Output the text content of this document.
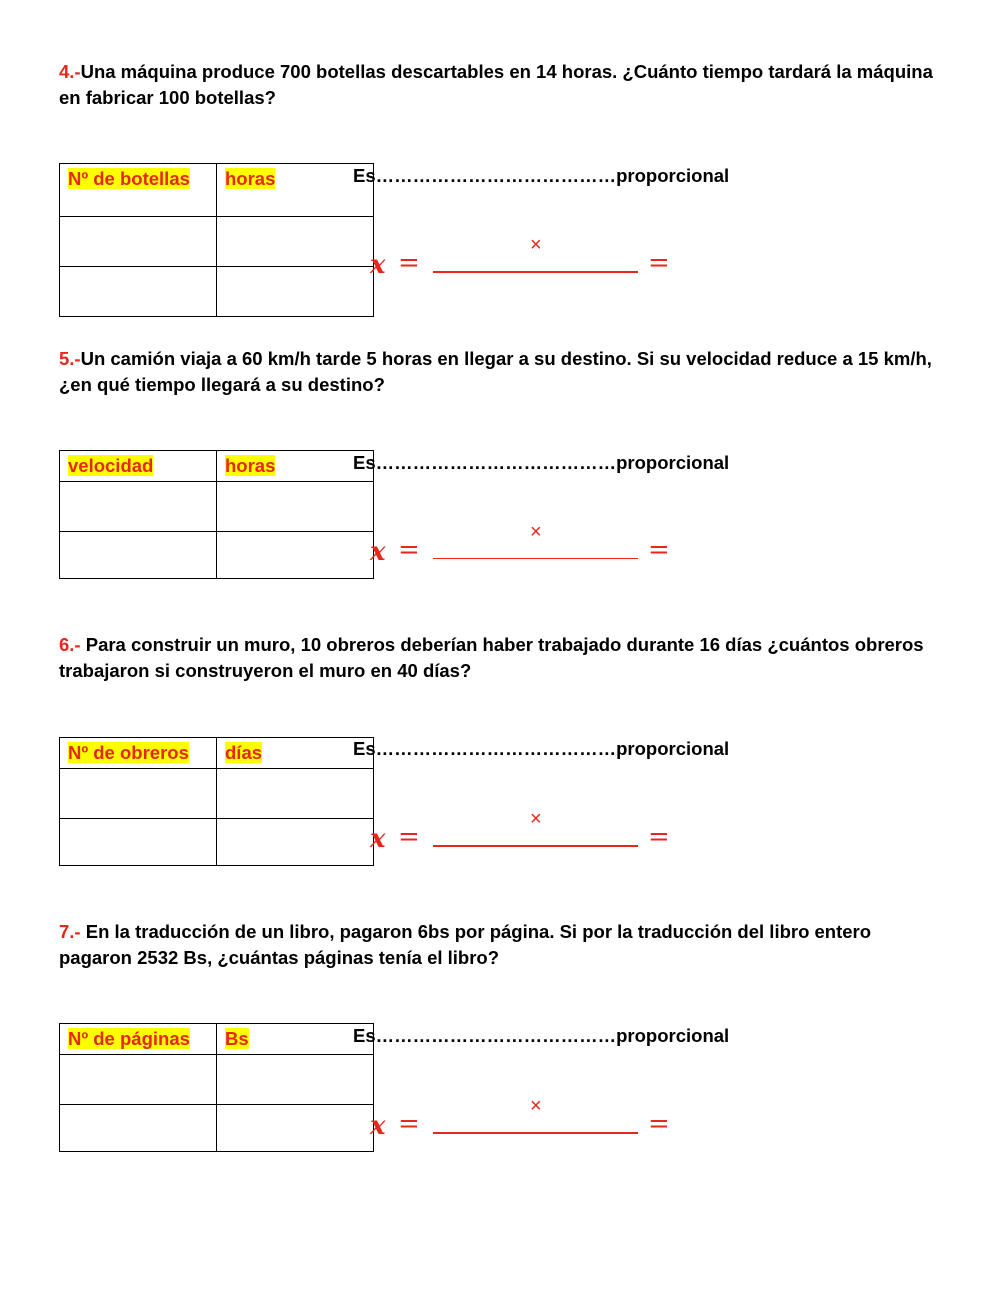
4.-Una máquina produce 700 botellas descartables en 14 horas. ¿Cuánto tiempo tardará la máquina en fabricar 100 botellas?

Nº de botellas	horas

		Es…………………………………proporcional
x =
×
=

5.-Un camión viaja a 60 km/h tarde 5 horas en llegar a su destino. Si su velocidad reduce a 15 km/h, ¿en qué tiempo llegará a su destino?

velocidad	horas

		Es…………………………………proporcional
x =
×
=

6.- Para construir un muro, 10 obreros deberían haber trabajado durante 16 días ¿cuántos obreros trabajaron si construyeron el muro en 40 días?

Nº de obreros	días

		Es…………………………………proporcional
x =
×
=

7.- En la traducción de un libro, pagaron 6bs por página. Si por la traducción del libro entero pagaron 2532 Bs, ¿cuántas páginas tenía el libro?

Nº de páginas	Bs

		Es…………………………………proporcional
x =
×
=
